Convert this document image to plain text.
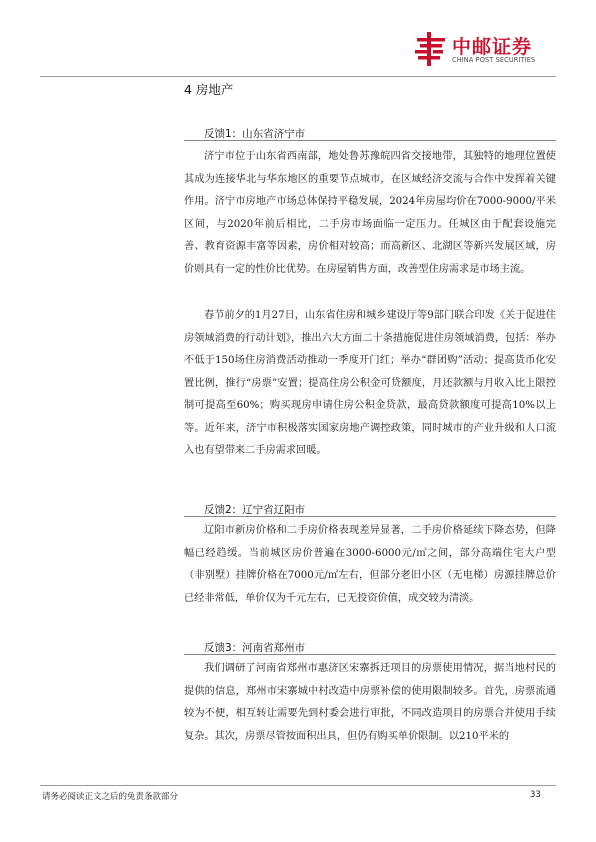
中邮证券
CHINA POST SECURITIES
4 房地产
反馈1：山东省济宁市

济宁市位于山东省西南部，地处鲁苏豫皖四省交接地带，其独特的地理位置使其成为连接华北与华东地区的重要节点城市，在区域经济交流与合作中发挥着关键作用。济宁市房地产市场总体保持平稳发展，2024年房屋均价在7000-9000/平米区间，与2020年前后相比，二手房市场面临一定压力。任城区由于配套设施完善、教育资源丰富等因素，房价相对较高；而高新区、北湖区等新兴发展区域，房价则具有一定的性价比优势。在房屋销售方面，改善型住房需求是市场主流。

春节前夕的1月27日，山东省住房和城乡建设厅等9部门联合印发《关于促进住房领域消费的行动计划》，推出六大方面二十条措施促进住房领域消费，包括：举办不低于150场住房消费活动推动一季度开门红；举办“群团购”活动；提高货币化安置比例，推行“房票”安置；提高住房公积金可贷额度，月还款额与月收入比上限控制可提高至60%；购买现房申请住房公积金贷款，最高贷款额度可提高10%以上等。近年来，济宁市积极落实国家房地产调控政策，同时城市的产业升级和人口流入也有望带来二手房需求回暖。

反馈2：辽宁省辽阳市

辽阳市新房价格和二手房价格表现差异显著，二手房价格延续下降态势，但降幅已经趋缓。当前城区房价普遍在3000-6000元/㎡之间，部分高端住宅大户型（非别墅）挂牌价格在7000元/㎡左右，但部分老旧小区（无电梯）房源挂牌总价已经非常低，单价仅为千元左右，已无投资价值，成交较为清淡。

反馈3：河南省郑州市

我们调研了河南省郑州市惠济区宋寨拆迁项目的房票使用情况，据当地村民的提供的信息，郑州市宋寨城中村改造中房票补偿的使用限制较多。首先，房票流通较为不便，相互转让需要先到村委会进行审批，不同改造项目的房票合并使用手续复杂。其次，房票尽管按面积出具，但仍有购买单价限制。以210平米的

请务必阅读正文之后的免责条款部分	33
